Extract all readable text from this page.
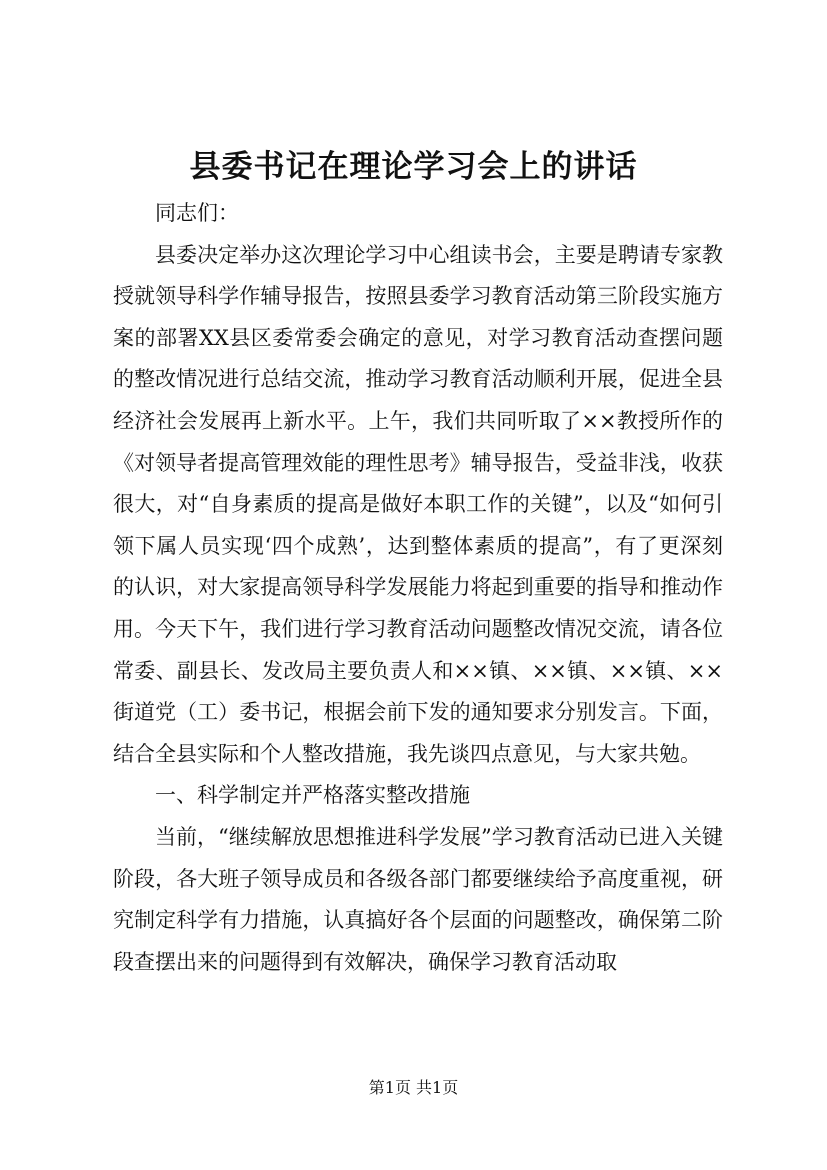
县委书记在理论学习会上的讲话

同志们：

县委决定举办这次理论学习中心组读书会，主要是聘请专家教授就领导科学作辅导报告，按照县委学习教育活动第三阶段实施方案的部署XX县区委常委会确定的意见，对学习教育活动查摆问题的整改情况进行总结交流，推动学习教育活动顺利开展，促进全县经济社会发展再上新水平。上午，我们共同听取了××教授所作的《对领导者提高管理效能的理性思考》辅导报告，受益非浅，收获很大，对“自身素质的提高是做好本职工作的关键”，以及“如何引领下属人员实现‘四个成熟’，达到整体素质的提高”，有了更深刻的认识，对大家提高领导科学发展能力将起到重要的指导和推动作用。今天下午，我们进行学习教育活动问题整改情况交流，请各位常委、副县长、发改局主要负责人和××镇、××镇、××镇、××街道党（工）委书记，根据会前下发的通知要求分别发言。下面，结合全县实际和个人整改措施，我先谈四点意见，与大家共勉。

一、科学制定并严格落实整改措施

当前，“继续解放思想推进科学发展”学习教育活动已进入关键阶段，各大班子领导成员和各级各部门都要继续给予高度重视，研究制定科学有力措施，认真搞好各个层面的问题整改，确保第二阶段查摆出来的问题得到有效解决，确保学习教育活动取

第1页 共1页
